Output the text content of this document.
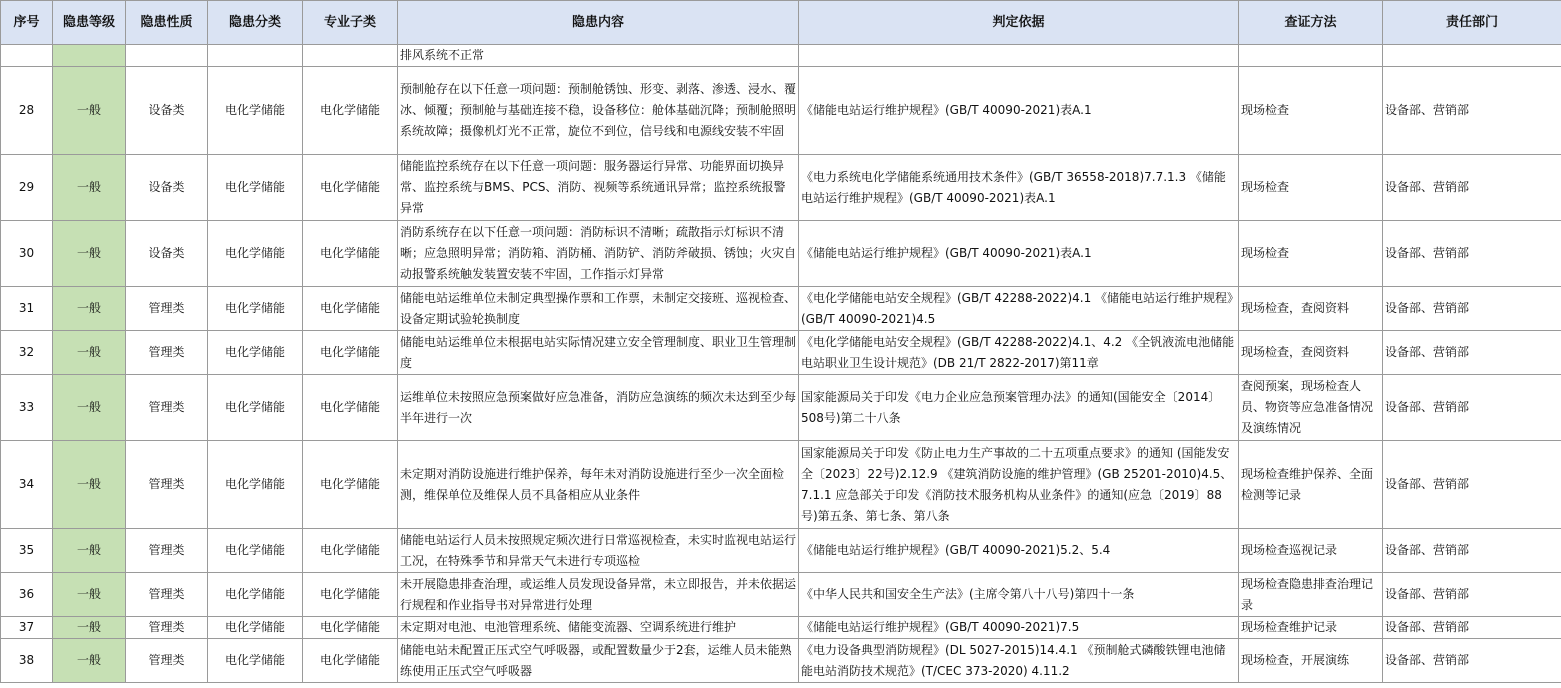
序号	隐患等级	隐患性质	隐患分类	专业子类	隐患内容	判定依据	查证方法	责任部门
					排风系统不正常			
28	一般	设备类	电化学储能	电化学储能	预制舱存在以下任意一项问题：预制舱锈蚀、形变、剥落、渗透、浸水、覆冰、倾覆；预制舱与基础连接不稳，设备移位：舱体基础沉降；预制舱照明系统故障；摄像机灯光不正常，旋位不到位，信号线和电源线安装不牢固	《储能电站运行维护规程》(GB/T 40090-2021)表A.1	现场检查	设备部、营销部
29	一般	设备类	电化学储能	电化学储能	储能监控系统存在以下任意一项问题：服务器运行异常、功能界面切换异常、监控系统与BMS、PCS、消防、视频等系统通讯异常；监控系统报警异常	《电力系统电化学储能系统通用技术条件》(GB/T 36558-2018)7.7.1.3 《储能电站运行维护规程》(GB/T 40090-2021)表A.1	现场检查	设备部、营销部
30	一般	设备类	电化学储能	电化学储能	消防系统存在以下任意一项问题：消防标识不清晰；疏散指示灯标识不清晰；应急照明异常；消防箱、消防桶、消防铲、消防斧破损、锈蚀；火灾自动报警系统触发装置安装不牢固，工作指示灯异常	《储能电站运行维护规程》(GB/T 40090-2021)表A.1	现场检查	设备部、营销部
31	一般	管理类	电化学储能	电化学储能	储能电站运维单位未制定典型操作票和工作票，未制定交接班、巡视检查、设备定期试验轮换制度	《电化学储能电站安全规程》(GB/T 42288-2022)4.1 《储能电站运行维护规程》(GB/T 40090-2021)4.5	现场检查，查阅资料	设备部、营销部
32	一般	管理类	电化学储能	电化学储能	储能电站运维单位未根据电站实际情况建立安全管理制度、职业卫生管理制度	《电化学储能电站安全规程》(GB/T 42288-2022)4.1、4.2 《全钒液流电池储能电站职业卫生设计规范》(DB 21/T 2822-2017)第11章	现场检查，查阅资料	设备部、营销部
33	一般	管理类	电化学储能	电化学储能	运维单位未按照应急预案做好应急准备，消防应急演练的频次未达到至少每半年进行一次	国家能源局关于印发《电力企业应急预案管理办法》的通知(国能安全〔2014〕508号)第二十八条	查阅预案，现场检查人员、物资等应急准备情况及演练情况	设备部、营销部
34	一般	管理类	电化学储能	电化学储能	未定期对消防设施进行维护保养，每年未对消防设施进行至少一次全面检测，维保单位及维保人员不具备相应从业条件	国家能源局关于印发《防止电力生产事故的二十五项重点要求》的通知 (国能发安全〔2023〕22号)2.12.9 《建筑消防设施的维护管理》(GB 25201-2010)4.5、7.1.1 应急部关于印发《消防技术服务机构从业条件》的通知(应急〔2019〕88 号)第五条、第七条、第八条	现场检查维护保养、全面检测等记录	设备部、营销部
35	一般	管理类	电化学储能	电化学储能	储能电站运行人员未按照规定频次进行日常巡视检查，未实时监视电站运行工况，在特殊季节和异常天气未进行专项巡检	《储能电站运行维护规程》(GB/T 40090-2021)5.2、5.4	现场检查巡视记录	设备部、营销部
36	一般	管理类	电化学储能	电化学储能	未开展隐患排查治理，或运维人员发现设备异常，未立即报告，并未依据运行规程和作业指导书对异常进行处理	《中华人民共和国安全生产法》(主席令第八十八号)第四十一条	现场检查隐患排查治理记录	设备部、营销部
37	一般	管理类	电化学储能	电化学储能	未定期对电池、电池管理系统、储能变流器、空调系统进行维护	《储能电站运行维护规程》(GB/T 40090-2021)7.5	现场检查维护记录	设备部、营销部
38	一般	管理类	电化学储能	电化学储能	储能电站未配置正压式空气呼吸器，或配置数量少于2套，运维人员未能熟练使用正压式空气呼吸器	《电力设备典型消防规程》(DL 5027-2015)14.4.1 《预制舱式磷酸铁锂电池储能电站消防技术规范》(T/CEC 373-2020) 4.11.2	现场检查，开展演练	设备部、营销部
